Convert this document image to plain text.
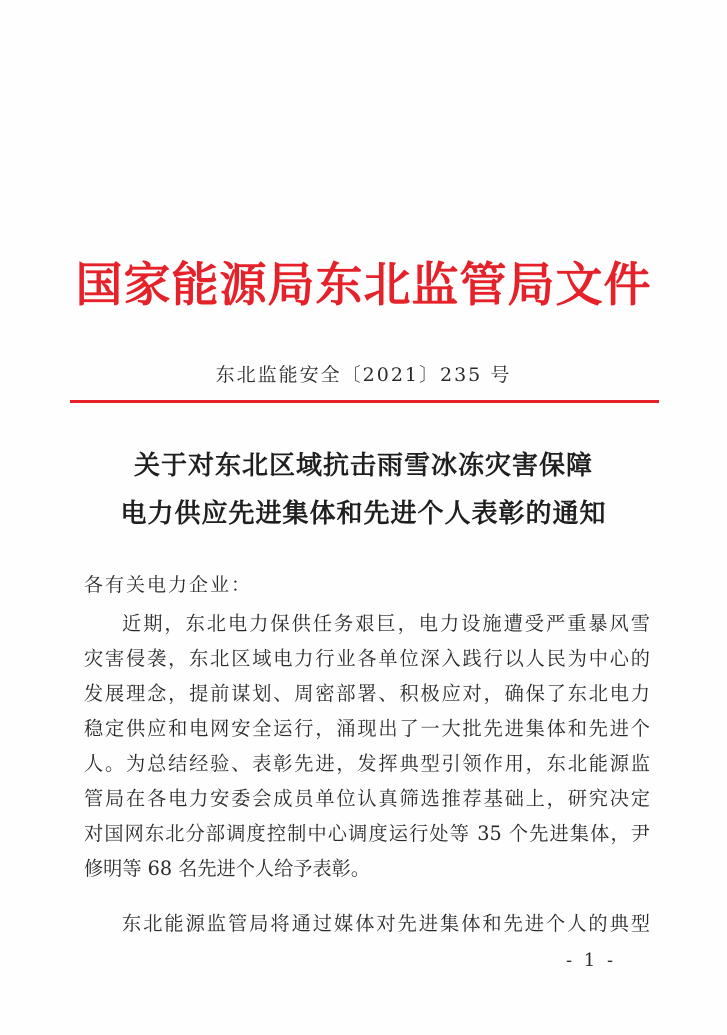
国家能源局东北监管局文件
东北监能安全〔2021〕235 号
关于对东北区域抗击雨雪冰冻灾害保障
电力供应先进集体和先进个人表彰的通知
各有关电力企业：
近期，东北电力保供任务艰巨，电力设施遭受严重暴风雪
灾害侵袭，东北区域电力行业各单位深入践行以人民为中心的
发展理念，提前谋划、周密部署、积极应对，确保了东北电力
稳定供应和电网安全运行，涌现出了一大批先进集体和先进个
人。为总结经验、表彰先进，发挥典型引领作用，东北能源监
管局在各电力安委会成员单位认真筛选推荐基础上，研究决定
对国网东北分部调度控制中心调度运行处等 35 个先进集体，尹
修明等 68 名先进个人给予表彰。
东北能源监管局将通过媒体对先进集体和先进个人的典型
- 1 -
